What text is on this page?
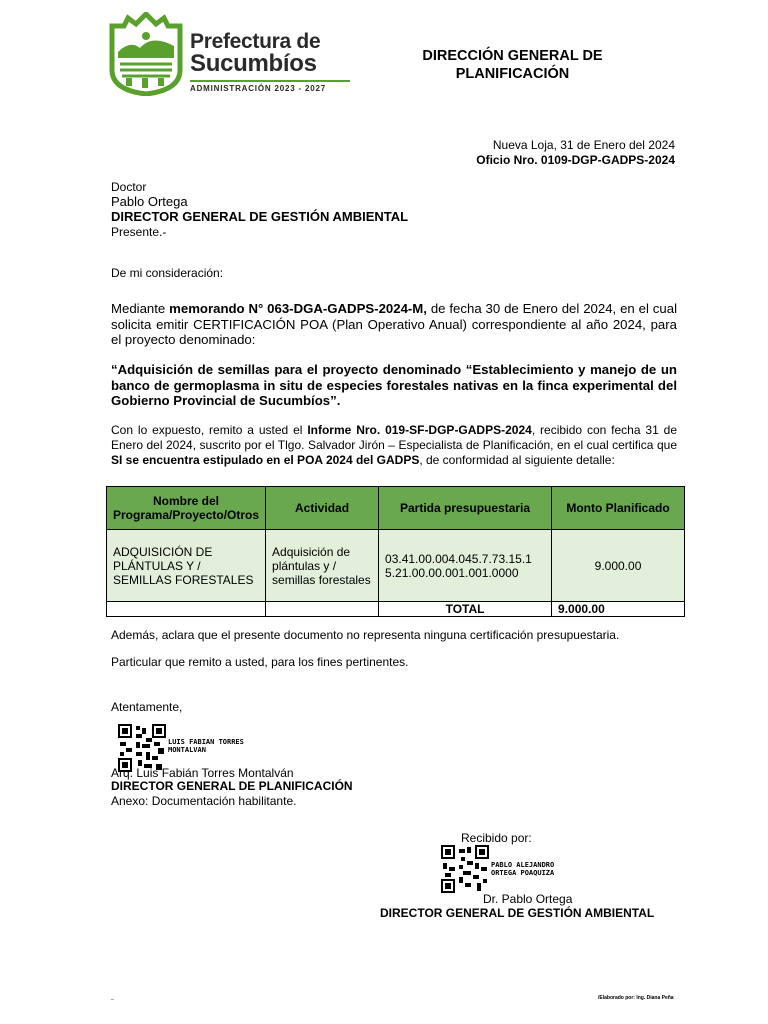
Prefectura de
Sucumbíos
ADMINISTRACIÓN 2023 - 2027
DIRECCIÓN GENERAL DE
PLANIFICACIÓN
Nueva Loja, 31 de Enero del 2024
Oficio Nro. 0109-DGP-GADPS-2024
Doctor
Pablo Ortega
DIRECTOR GENERAL DE GESTIÓN AMBIENTAL
Presente.-
De mi consideración:
Mediante memorando N° 063-DGA-GADPS-2024-M, de fecha 30 de Enero del 2024, en el cual solicita emitir CERTIFICACIÓN POA (Plan Operativo Anual) correspondiente al año 2024, para el proyecto denominado:
“Adquisición de semillas para el proyecto denominado “Establecimiento y manejo de un banco de germoplasma in situ de especies forestales nativas en la finca experimental del Gobierno Provincial de Sucumbíos”.
Con lo expuesto, remito a usted el Informe Nro. 019-SF-DGP-GADPS-2024, recibido con fecha 31 de Enero del 2024, suscrito por el Tlgo. Salvador Jirón – Especialista de Planificación, en el cual certifica que SI se encuentra estipulado en el POA 2024 del GADPS, de conformidad al siguiente detalle:
Nombre del Programa/Proyecto/Otros	Actividad	Partida presupuestaria	Monto Planificado
ADQUISICIÓN DE PLÁNTULAS Y / SEMILLAS FORESTALES	Adquisición de plántulas y / semillas forestales	03.41.00.004.045.7.73.15.1 5.21.00.00.001.001.0000	9.000.00
		TOTAL	9.000.00
Además, aclara que el presente documento no representa ninguna certificación presupuestaria.
Particular que remito a usted, para los fines pertinentes.
Atentamente,
LUIS FABIAN TORRES
MONTALVAN
Arq. Luis Fabián Torres Montalván
DIRECTOR GENERAL DE PLANIFICACIÓN
Anexo: Documentación habilitante.
Recibido por:
PABLO ALEJANDRO
ORTEGA POAQUIZA
Dr. Pablo Ortega
DIRECTOR GENERAL DE GESTIÓN AMBIENTAL
_	/Elaborado por: Ing. Diana Peña
